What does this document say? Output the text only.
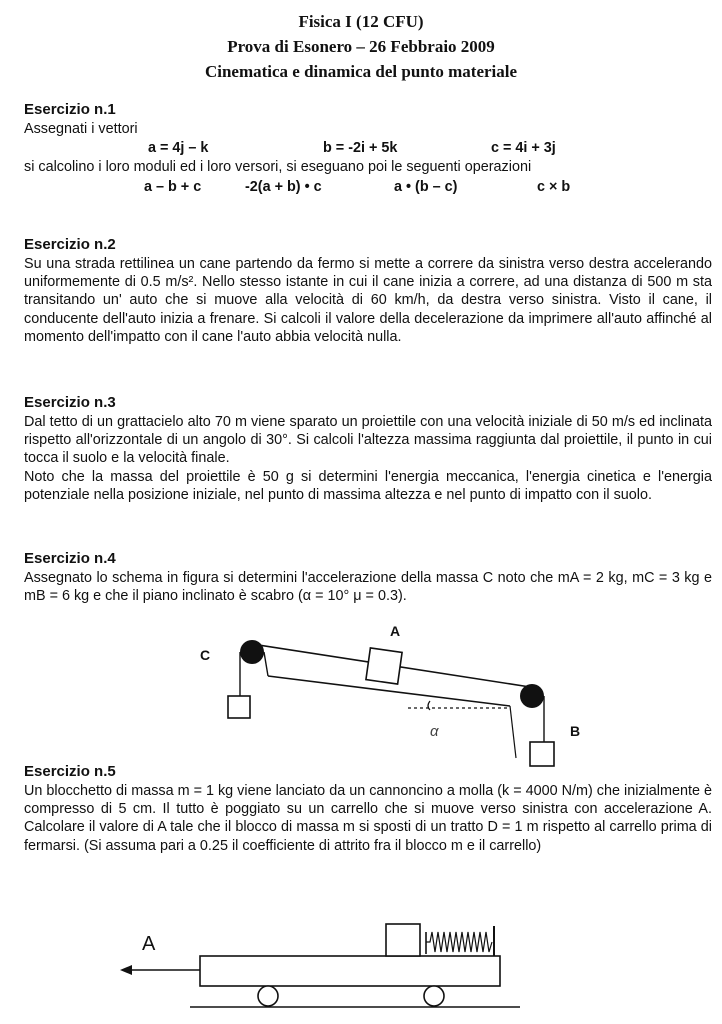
Fisica I (12 CFU)
Prova di Esonero – 26 Febbraio 2009
Cinematica e dinamica del punto materiale
Esercizio n.1
Assegnati i vettori
a = 4j – k	b = -2i + 5k	c = 4i + 3j
si calcolino i loro moduli ed i loro versori, si eseguano poi le seguenti operazioni
a – b + c	-2(a + b) • c	a • (b – c)	c × b
Esercizio n.2
Su una strada rettilinea un cane partendo da fermo si mette a correre da sinistra verso destra accelerando uniformemente di 0.5 m/s². Nello stesso istante in cui il cane inizia a correre, ad una distanza di 500 m sta transitando un' auto che si muove alla velocità di 60 km/h, da destra verso sinistra. Visto il cane, il conducente dell'auto inizia a frenare. Si calcoli il valore della decelerazione da imprimere all'auto affinché al momento dell'impatto con il cane l'auto abbia velocità nulla.
Esercizio n.3
Dal tetto di un grattacielo alto 70 m viene sparato un proiettile con una velocità iniziale di 50 m/s ed inclinata rispetto all'orizzontale di un angolo di 30°. Si calcoli l'altezza massima raggiunta dal proiettile, il punto in cui tocca il suolo e la velocità finale.
Noto che la massa del proiettile è 50 g si determini l'energia meccanica, l'energia cinetica e l'energia potenziale nella posizione iniziale, nel punto di massima altezza e nel punto di impatto con il suolo.
Esercizio n.4
Assegnato lo schema in figura si determini l'accelerazione della massa C noto che mA = 2 kg, mC = 3 kg e mB = 6 kg e che il piano inclinato è scabro (α = 10° μ = 0.3).
A
C
B
α
Esercizio n.5
Un blocchetto di massa m = 1 kg viene lanciato da un cannoncino a molla (k = 4000 N/m) che inizialmente è compresso di 5 cm. Il tutto è poggiato su un carrello che si muove verso sinistra con accelerazione A. Calcolare il valore di A tale che il blocco di massa m si sposti di un tratto D = 1 m rispetto al carrello prima di fermarsi. (Si assuma pari a 0.25 il coefficiente di attrito fra il blocco m e il carrello)
A
